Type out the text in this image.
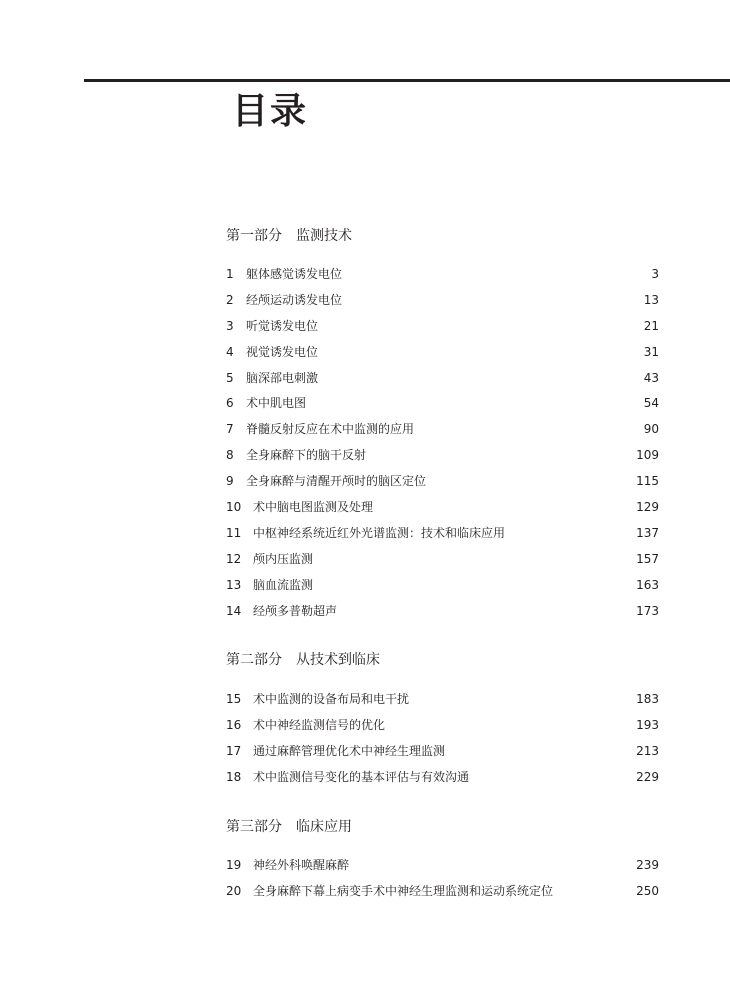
目录
第一部分 监测技术
1 躯体感觉诱发电位	3
2 经颅运动诱发电位	13
3 听觉诱发电位	21
4 视觉诱发电位	31
5 脑深部电刺激	43
6 术中肌电图	54
7 脊髓反射反应在术中监测的应用	90
8 全身麻醉下的脑干反射	109
9 全身麻醉与清醒开颅时的脑区定位	115
10 术中脑电图监测及处理	129
11 中枢神经系统近红外光谱监测：技术和临床应用	137
12 颅内压监测	157
13 脑血流监测	163
14 经颅多普勒超声	173
第二部分 从技术到临床
15 术中监测的设备布局和电干扰	183
16 术中神经监测信号的优化	193
17 通过麻醉管理优化术中神经生理监测	213
18 术中监测信号变化的基本评估与有效沟通	229
第三部分 临床应用
19 神经外科唤醒麻醉	239
20 全身麻醉下幕上病变手术中神经生理监测和运动系统定位	250
